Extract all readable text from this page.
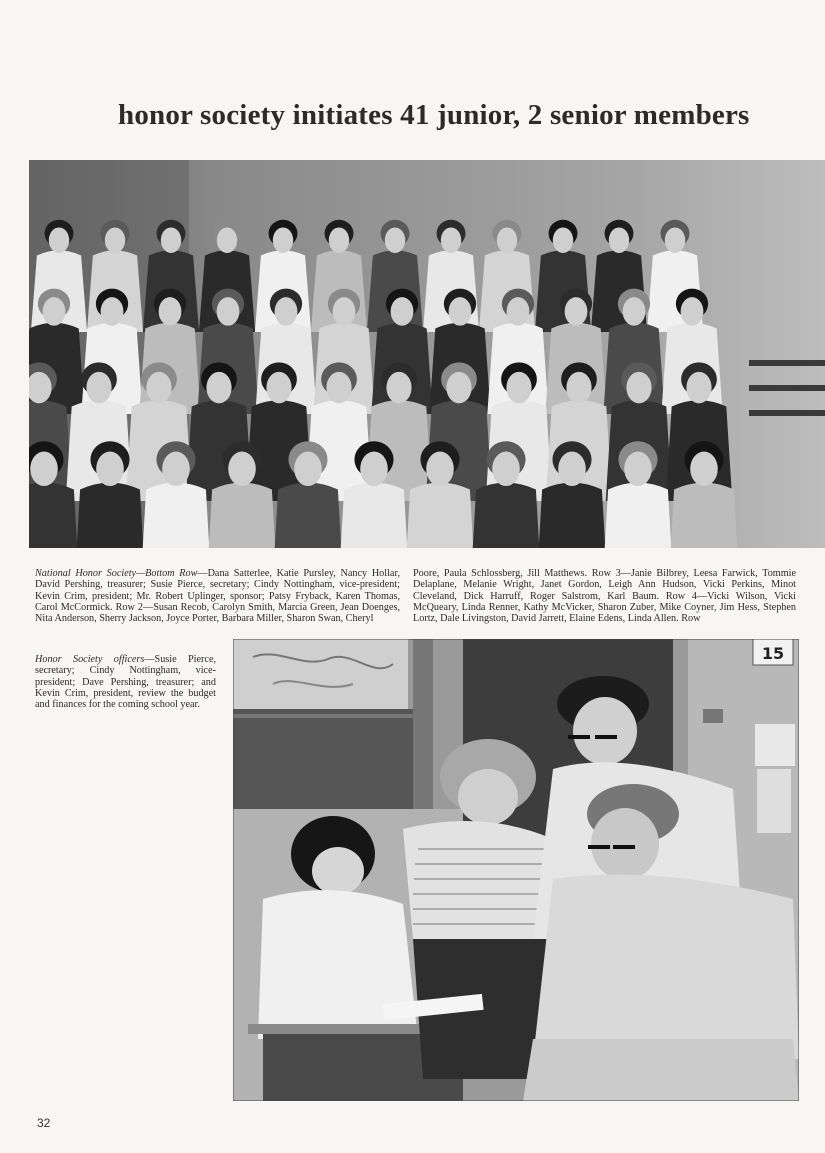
honor society initiates 41 junior, 2 senior members

National Honor Society—Bottom Row—Dana Satterlee, Katie Pursley, Nancy Hollar, David Pershing, treasurer; Susie Pierce, secretary; Cindy Nottingham, vice-president; Kevin Crim, president; Mr. Robert Uplinger, sponsor; Patsy Fryback, Karen Thomas, Carol McCormick. Row 2—Susan Recob, Carolyn Smith, Marcia Green, Jean Doenges, Nita Anderson, Sherry Jackson, Joyce Porter, Barbara Miller, Sharon Swan, Cheryl

Poore, Paula Schlossberg, Jill Matthews. Row 3—Janie Bilbrey, Leesa Farwick, Tommie Delaplane, Melanie Wright, Janet Gordon, Leigh Ann Hudson, Vicki Perkins, Minot Cleveland, Dick Harruff, Roger Salstrom, Karl Baum. Row 4—Vicki Wilson, Vicki McQueary, Linda Renner, Kathy McVicker, Sharon Zuber, Mike Coyner, Jim Hess, Stephen Lortz, Dale Livingston, David Jarrett, Elaine Edens, Linda Allen. Row

Honor Society officers—Susie Pierce, secretary; Cindy Nottingham, vice-president; Dave Pershing, treasurer; and Kevin Crim, president, review the budget and finances for the coming school year.

15
32
